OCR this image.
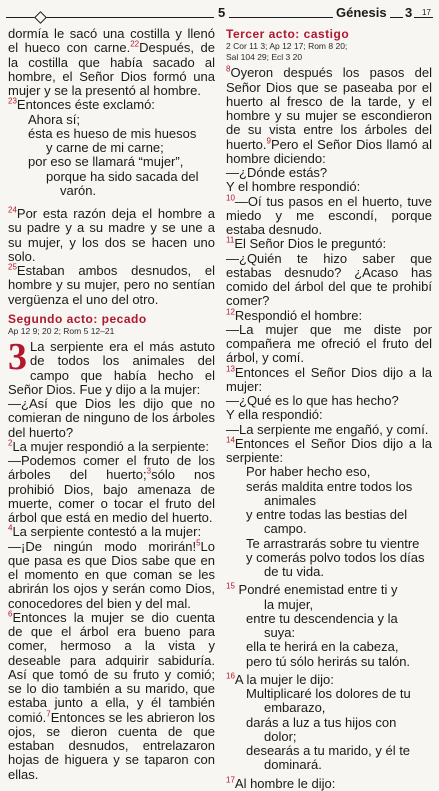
5	Génesis 3 17

dormía le sacó una costilla y llenó el hueco con carne.$^{22}$Después, de la costilla que había sacado al hombre, el Señor Dios formó una mujer y se la presentó al hombre.

$^{23}$Entonces éste exclamó:

Ahora sí;

ésta es hueso de mis huesos

y carne de mi carne;

por eso se llamará “mujer”,

porque ha sido sacada del

varón.

$^{24}$Por esta razón deja el hombre a su padre y a su madre y se une a su mujer, y los dos se hacen uno solo.

$^{25}$Estaban ambos desnudos, el hombre y su mujer, pero no sentían vergüenza el uno del otro.

Segundo acto: pecado

Ap 12 9; 20 2; Rom 5 12–21

3 La serpiente era el más astuto de todos los animales del campo que había hecho el Señor Dios. Fue y dijo a la mujer:

—¿Así que Dios les dijo que no comieran de ninguno de los árboles del huerto?

$^2$La mujer respondió a la serpiente:

—Podemos comer el fruto de los árboles del huerto;$^3$sólo nos prohibió Dios, bajo amenaza de muerte, comer o tocar el fruto del árbol que está en medio del huerto.

$^4$La serpiente contestó a la mujer:

—¡De ningún modo morirán!$^5$Lo que pasa es que Dios sabe que en el momento en que coman se les abrirán los ojos y serán como Dios, conocedores del bien y del mal.

$^6$Entonces la mujer se dio cuenta de que el árbol era bueno para comer, hermoso a la vista y deseable para adquirir sabiduría. Así que tomó de su fruto y comió; se lo dio también a su marido, que estaba junto a ella, y él también comió.$^7$Entonces se les abrieron los ojos, se dieron cuenta de que estaban desnudos, entrelazaron hojas de higuera y se taparon con ellas.

Tercer acto: castigo

2 Cor 11 3; Ap 12 17; Rom 8 20;

Sal 104 29; Ecl 3 20

$^8$Oyeron después los pasos del Señor Dios que se paseaba por el huerto al fresco de la tarde, y el hombre y su mujer se escondieron de su vista entre los árboles del huerto.$^9$Pero el Señor Dios llamó al hombre diciendo:

—¿Dónde estás?

Y el hombre respondió:

$^{10}$—Oí tus pasos en el huerto, tuve miedo y me escondí, porque estaba desnudo.

$^{11}$El Señor Dios le preguntó:

—¿Quién te hizo saber que estabas desnudo? ¿Acaso has comido del árbol del que te prohibí comer?

$^{12}$Respondió el hombre:

—La mujer que me diste por compañera me ofreció el fruto del árbol, y comí.

$^{13}$Entonces el Señor Dios dijo a la mujer:

—¿Qué es lo que has hecho?

Y ella respondió:

—La serpiente me engañó, y comí.

$^{14}$Entonces el Señor Dios dijo a la serpiente:

Por haber hecho eso,

serás maldita entre todos los

animales

y entre todas las bestias del

campo.

Te arrastrarás sobre tu vientre

y comerás polvo todos los días

de tu vida.

$^{15}$ Pondré enemistad entre ti y

la mujer,

entre tu descendencia y la

suya:

ella te herirá en la cabeza,

pero tú sólo herirás su talón.

$^{16}$A la mujer le dijo:

Multiplicaré los dolores de tu

embarazo,

darás a luz a tus hijos con

dolor;

desearás a tu marido, y él te

dominará.

$^{17}$Al hombre le dijo:
